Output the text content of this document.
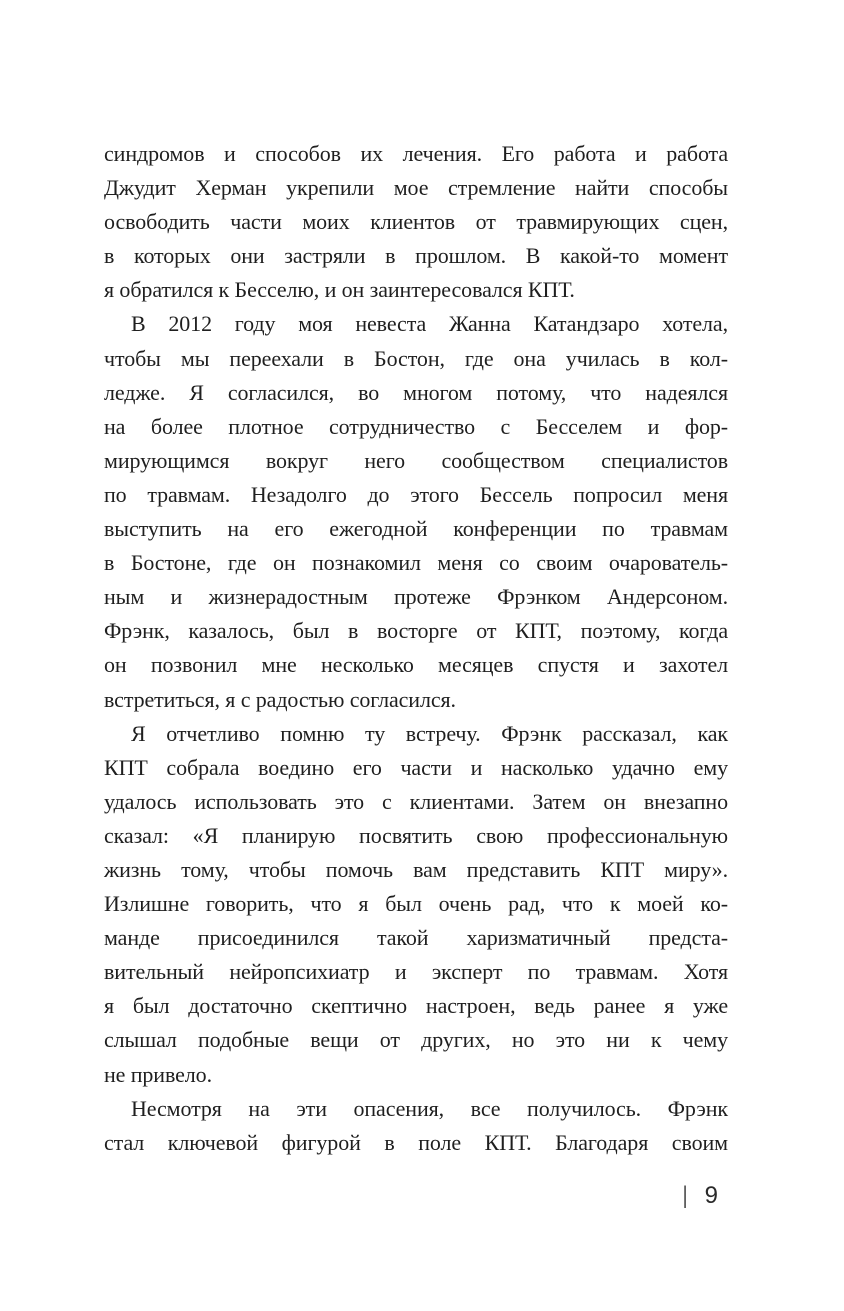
синдромов и способов их лечения. Его работа и работа
Джудит Херман укрепили мое стремление найти способы
освободить части моих клиентов от травмирующих сцен,
в которых они застряли в прошлом. В какой-то момент
я обратился к Бесселю, и он заинтересовался КПТ.
В 2012 году моя невеста Жанна Катандзаро хотела,
чтобы мы переехали в Бостон, где она училась в кол-
ледже. Я согласился, во многом потому, что надеялся
на более плотное сотрудничество с Бесселем и фор-
мирующимся вокруг него сообществом специалистов
по травмам. Незадолго до этого Бессель попросил меня
выступить на его ежегодной конференции по травмам
в Бостоне, где он познакомил меня со своим очарователь-
ным и жизнерадостным протеже Фрэнком Андерсоном.
Фрэнк, казалось, был в восторге от КПТ, поэтому, когда
он позвонил мне несколько месяцев спустя и захотел
встретиться, я с радостью согласился.
Я отчетливо помню ту встречу. Фрэнк рассказал, как
КПТ собрала воедино его части и насколько удачно ему
удалось использовать это с клиентами. Затем он внезапно
сказал: «Я планирую посвятить свою профессиональную
жизнь тому, чтобы помочь вам представить КПТ миру».
Излишне говорить, что я был очень рад, что к моей ко-
манде присоединился такой харизматичный предста-
вительный нейропсихиатр и эксперт по травмам. Хотя
я был достаточно скептично настроен, ведь ранее я уже
слышал подобные вещи от других, но это ни к чему
не привело.
Несмотря на эти опасения, все получилось. Фрэнк
стал ключевой фигурой в поле КПТ. Благодаря своим
| 9
